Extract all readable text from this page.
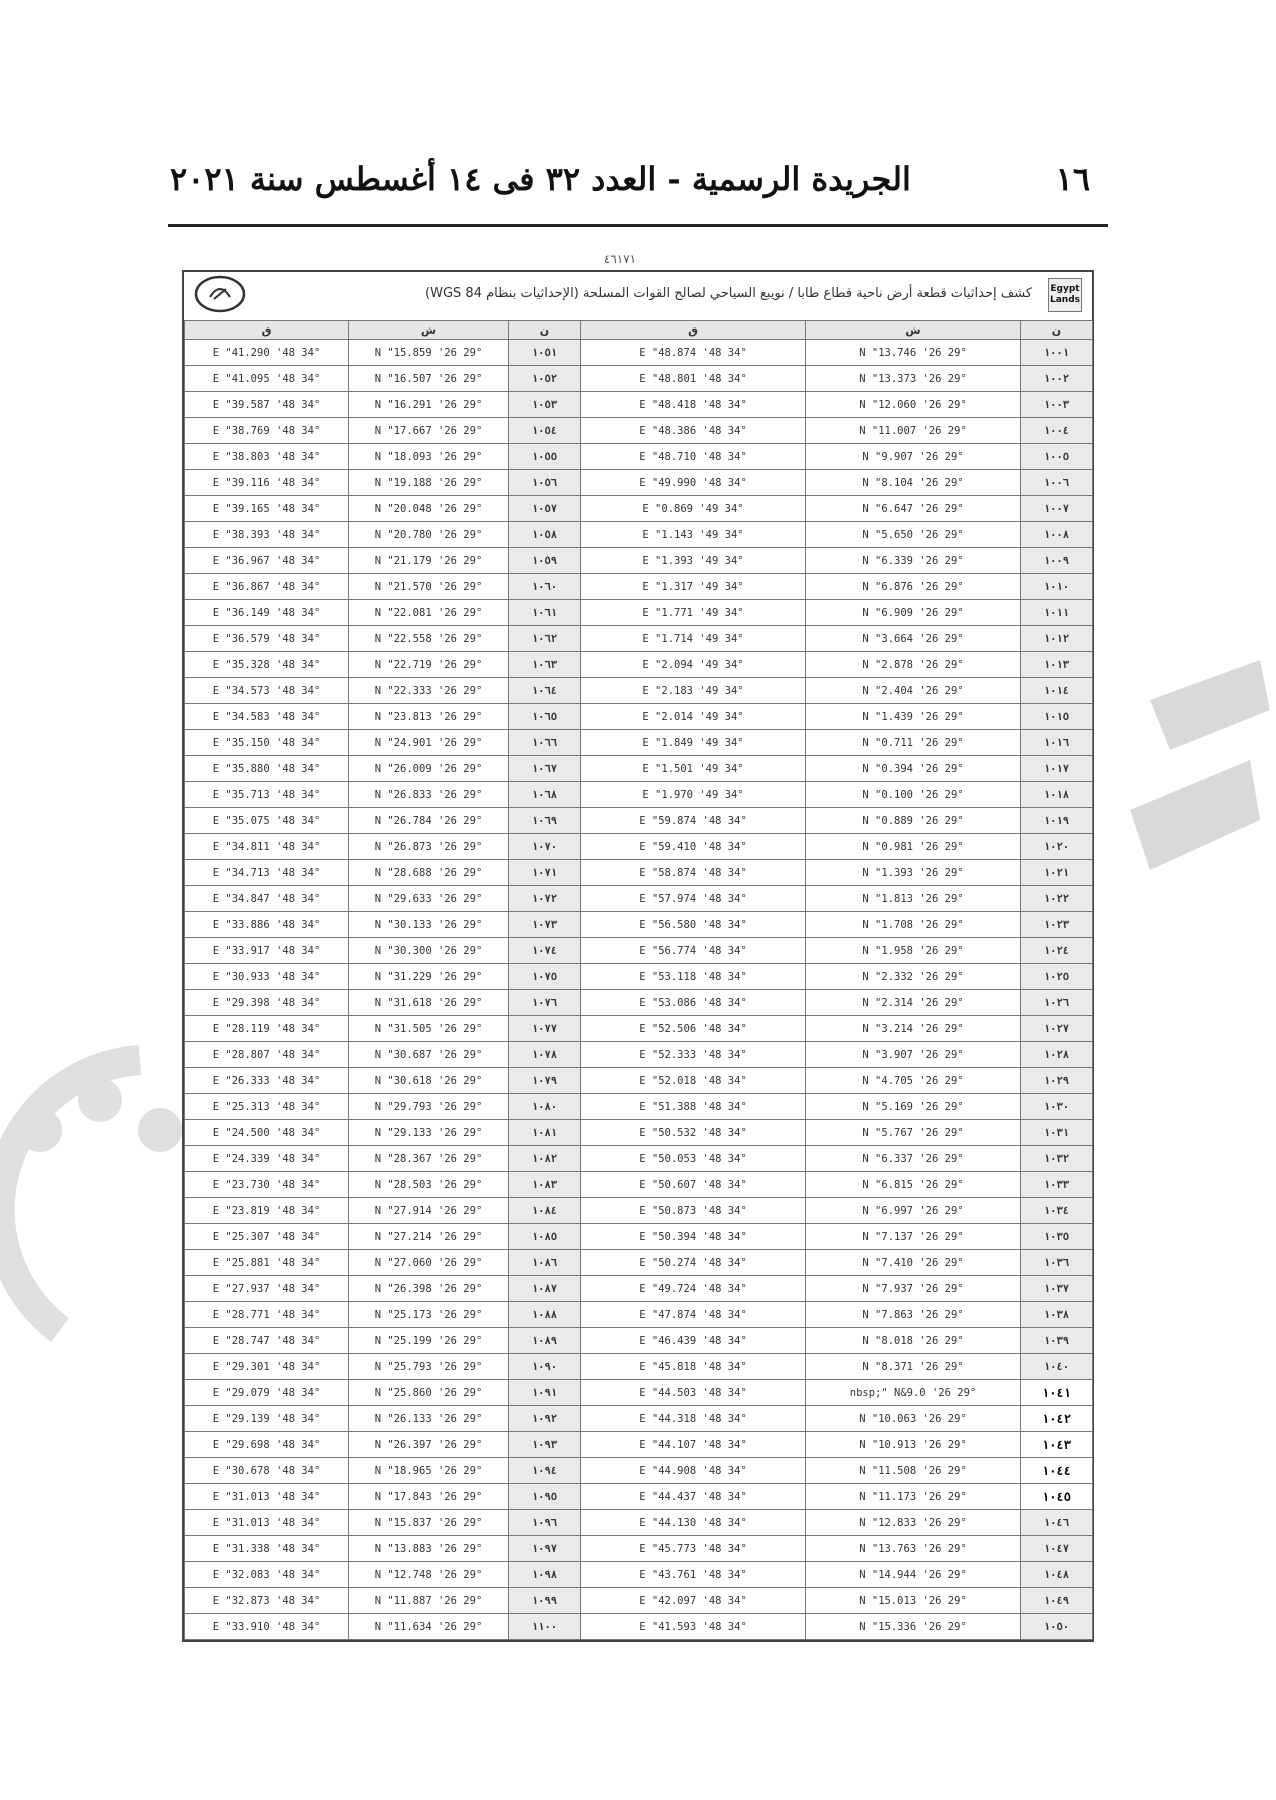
١٦
الجريدة الرسمية - العدد ٣٢ فى ١٤ أغسطس سنة ٢٠٢١
٤٦١٧١
Egypt Lands
كشف إحداثيات قطعة أرض ناحية قطاع طابا / نويبع السياحي لصالح القوات المسلحة (الإحداثيات بنظام WGS 84)
ن	ش	ق	ن	ش	ق
١٠٠١	29° 26' 13.746" N	34° 48' 48.874" E	١٠٥١	29° 26' 15.859" N	34° 48' 41.290" E
١٠٠٢	29° 26' 13.373" N	34° 48' 48.801" E	١٠٥٢	29° 26' 16.507" N	34° 48' 41.095" E
١٠٠٣	29° 26' 12.060" N	34° 48' 48.418" E	١٠٥٣	29° 26' 16.291" N	34° 48' 39.587" E
١٠٠٤	29° 26' 11.007" N	34° 48' 48.386" E	١٠٥٤	29° 26' 17.667" N	34° 48' 38.769" E
١٠٠٥	29° 26' 9.907" N	34° 48' 48.710" E	١٠٥٥	29° 26' 18.093" N	34° 48' 38.803" E
١٠٠٦	29° 26' 8.104" N	34° 48' 49.990" E	١٠٥٦	29° 26' 19.188" N	34° 48' 39.116" E
١٠٠٧	29° 26' 6.647" N	34° 49' 0.869" E	١٠٥٧	29° 26' 20.048" N	34° 48' 39.165" E
١٠٠٨	29° 26' 5.650" N	34° 49' 1.143" E	١٠٥٨	29° 26' 20.780" N	34° 48' 38.393" E
١٠٠٩	29° 26' 6.339" N	34° 49' 1.393" E	١٠٥٩	29° 26' 21.179" N	34° 48' 36.967" E
١٠١٠	29° 26' 6.876" N	34° 49' 1.317" E	١٠٦٠	29° 26' 21.570" N	34° 48' 36.867" E
١٠١١	29° 26' 6.909" N	34° 49' 1.771" E	١٠٦١	29° 26' 22.081" N	34° 48' 36.149" E
١٠١٢	29° 26' 3.664" N	34° 49' 1.714" E	١٠٦٢	29° 26' 22.558" N	34° 48' 36.579" E
١٠١٣	29° 26' 2.878" N	34° 49' 2.094" E	١٠٦٣	29° 26' 22.719" N	34° 48' 35.328" E
١٠١٤	29° 26' 2.404" N	34° 49' 2.183" E	١٠٦٤	29° 26' 22.333" N	34° 48' 34.573" E
١٠١٥	29° 26' 1.439" N	34° 49' 2.014" E	١٠٦٥	29° 26' 23.813" N	34° 48' 34.583" E
١٠١٦	29° 26' 0.711" N	34° 49' 1.849" E	١٠٦٦	29° 26' 24.901" N	34° 48' 35.150" E
١٠١٧	29° 26' 0.394" N	34° 49' 1.501" E	١٠٦٧	29° 26' 26.009" N	34° 48' 35.880" E
١٠١٨	29° 26' 0.100" N	34° 49' 1.970" E	١٠٦٨	29° 26' 26.833" N	34° 48' 35.713" E
١٠١٩	29° 26' 0.889" N	34° 48' 59.874" E	١٠٦٩	29° 26' 26.784" N	34° 48' 35.075" E
١٠٢٠	29° 26' 0.981" N	34° 48' 59.410" E	١٠٧٠	29° 26' 26.873" N	34° 48' 34.811" E
١٠٢١	29° 26' 1.393" N	34° 48' 58.874" E	١٠٧١	29° 26' 28.688" N	34° 48' 34.713" E
١٠٢٢	29° 26' 1.813" N	34° 48' 57.974" E	١٠٧٢	29° 26' 29.633" N	34° 48' 34.847" E
١٠٢٣	29° 26' 1.708" N	34° 48' 56.580" E	١٠٧٣	29° 26' 30.133" N	34° 48' 33.886" E
١٠٢٤	29° 26' 1.958" N	34° 48' 56.774" E	١٠٧٤	29° 26' 30.300" N	34° 48' 33.917" E
١٠٢٥	29° 26' 2.332" N	34° 48' 53.118" E	١٠٧٥	29° 26' 31.229" N	34° 48' 30.933" E
١٠٢٦	29° 26' 2.314" N	34° 48' 53.086" E	١٠٧٦	29° 26' 31.618" N	34° 48' 29.398" E
١٠٢٧	29° 26' 3.214" N	34° 48' 52.506" E	١٠٧٧	29° 26' 31.505" N	34° 48' 28.119" E
١٠٢٨	29° 26' 3.907" N	34° 48' 52.333" E	١٠٧٨	29° 26' 30.687" N	34° 48' 28.807" E
١٠٢٩	29° 26' 4.705" N	34° 48' 52.018" E	١٠٧٩	29° 26' 30.618" N	34° 48' 26.333" E
١٠٣٠	29° 26' 5.169" N	34° 48' 51.388" E	١٠٨٠	29° 26' 29.793" N	34° 48' 25.313" E
١٠٣١	29° 26' 5.767" N	34° 48' 50.532" E	١٠٨١	29° 26' 29.133" N	34° 48' 24.500" E
١٠٣٢	29° 26' 6.337" N	34° 48' 50.053" E	١٠٨٢	29° 26' 28.367" N	34° 48' 24.339" E
١٠٣٣	29° 26' 6.815" N	34° 48' 50.607" E	١٠٨٣	29° 26' 28.503" N	34° 48' 23.730" E
١٠٣٤	29° 26' 6.997" N	34° 48' 50.873" E	١٠٨٤	29° 26' 27.914" N	34° 48' 23.819" E
١٠٣٥	29° 26' 7.137" N	34° 48' 50.394" E	١٠٨٥	29° 26' 27.214" N	34° 48' 25.307" E
١٠٣٦	29° 26' 7.410" N	34° 48' 50.274" E	١٠٨٦	29° 26' 27.060" N	34° 48' 25.881" E
١٠٣٧	29° 26' 7.937" N	34° 48' 49.724" E	١٠٨٧	29° 26' 26.398" N	34° 48' 27.937" E
١٠٣٨	29° 26' 7.863" N	34° 48' 47.874" E	١٠٨٨	29° 26' 25.173" N	34° 48' 28.771" E
١٠٣٩	29° 26' 8.018" N	34° 48' 46.439" E	١٠٨٩	29° 26' 25.199" N	34° 48' 28.747" E
١٠٤٠	29° 26' 8.371" N	34° 48' 45.818" E	١٠٩٠	29° 26' 25.793" N	34° 48' 29.301" E
١٠٤١	29° 26' 9.0&nbsp;" N	34° 48' 44.503" E	١٠٩١	29° 26' 25.860" N	34° 48' 29.079" E
١٠٤٢	29° 26' 10.063" N	34° 48' 44.318" E	١٠٩٢	29° 26' 26.133" N	34° 48' 29.139" E
١٠٤٣	29° 26' 10.913" N	34° 48' 44.107" E	١٠٩٣	29° 26' 26.397" N	34° 48' 29.698" E
١٠٤٤	29° 26' 11.508" N	34° 48' 44.908" E	١٠٩٤	29° 26' 18.965" N	34° 48' 30.678" E
١٠٤٥	29° 26' 11.173" N	34° 48' 44.437" E	١٠٩٥	29° 26' 17.843" N	34° 48' 31.013" E
١٠٤٦	29° 26' 12.833" N	34° 48' 44.130" E	١٠٩٦	29° 26' 15.837" N	34° 48' 31.013" E
١٠٤٧	29° 26' 13.763" N	34° 48' 45.773" E	١٠٩٧	29° 26' 13.883" N	34° 48' 31.338" E
١٠٤٨	29° 26' 14.944" N	34° 48' 43.761" E	١٠٩٨	29° 26' 12.748" N	34° 48' 32.083" E
١٠٤٩	29° 26' 15.013" N	34° 48' 42.097" E	١٠٩٩	29° 26' 11.887" N	34° 48' 32.873" E
١٠٥٠	29° 26' 15.336" N	34° 48' 41.593" E	١١٠٠	29° 26' 11.634" N	34° 48' 33.910" E
